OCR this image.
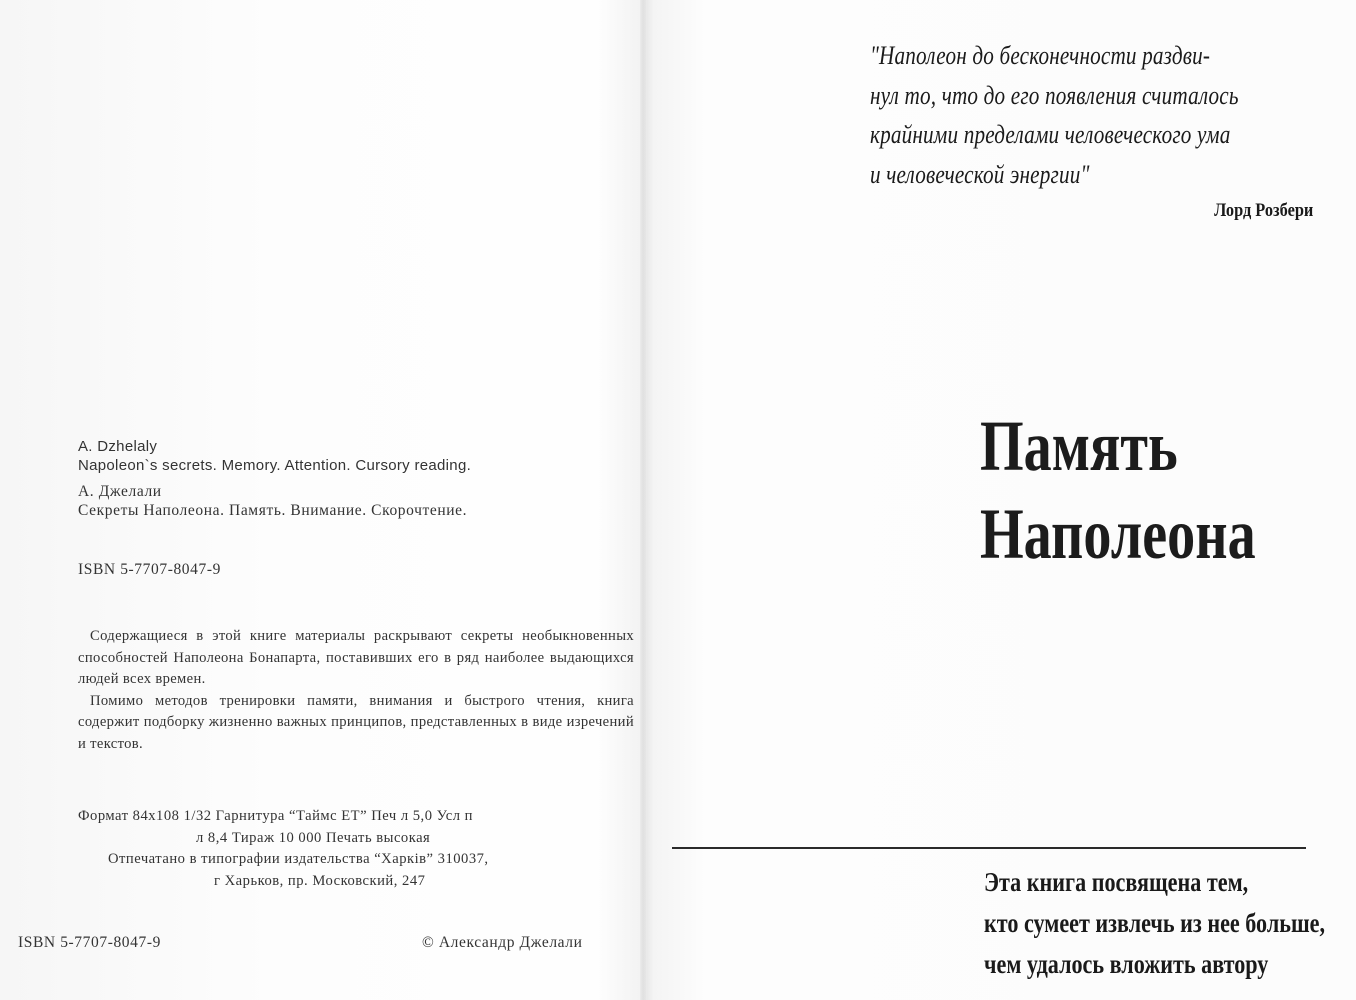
A. Dzhelaly
Napoleon`s secrets. Memory. Attention. Cursory reading.
А. Джелали
Секреты Наполеона. Память. Внимание. Скорочтение.
ISBN 5-7707-8047-9

Содержащиеся в этой книге материалы раскрывают секреты необыкновенных способностей Наполеона Бонапарта, поставивших его в ряд наиболее выдающихся людей всех времен.

Помимо методов тренировки памяти, внимания и быстрого чтения, книга содержит подборку жизненно важных принципов, представленных в виде изречений и текстов.

Формат 84x108 1/32 Гарнитура “Таймс ЕТ” Печ л 5,0 Усл п
л 8,4 Тираж 10 000 Печать высокая
Отпечатано в типографии издательства “Харків” 310037,
г Харьков, пр. Московский, 247
ISBN 5-7707-8047-9	© Александр Джелали
"Наполеон до бесконечности раздви-
нул то, что до его появления считалось
крайними пределами человеческого ума
и человеческой энергии"
Лорд Розбери
